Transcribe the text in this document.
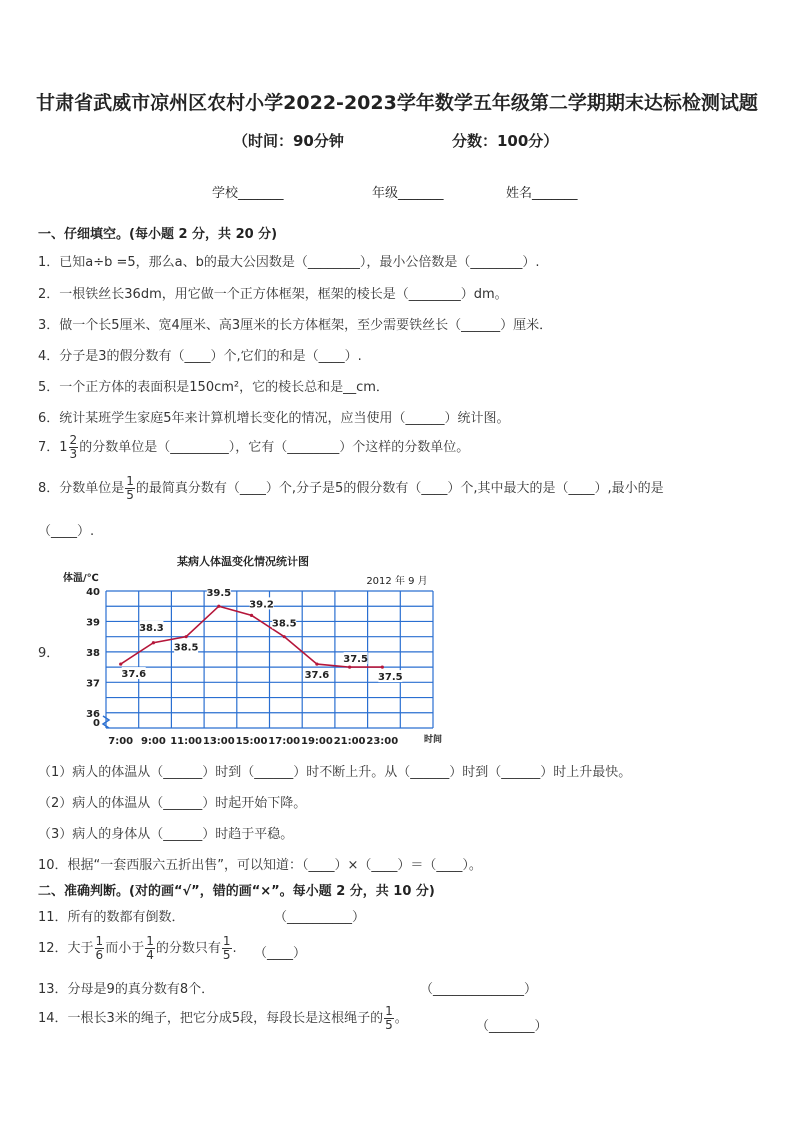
甘肃省武威市凉州区农村小学2022-2023学年数学五年级第二学期期末达标检测试题
（时间：90分钟	分数：100分）
学校_______	年级_______	姓名_______
一、仔细填空。(每小题 2 分，共 20 分)
1．已知a÷b =5，那么a、b的最大公因数是（________），最小公倍数是（________）.
2．一根铁丝长36dm，用它做一个正方体框架，框架的棱长是（________）dm。
3．做一个长5厘米、宽4厘米、高3厘米的长方体框架，至少需要铁丝长（______）厘米．
4．分子是3的假分数有（____）个,它们的和是（____）.
5．一个正方体的表面积是150cm²，它的棱长总和是__cm．
6．统计某班学生家庭5年来计算机增长变化的情况，应当使用（______）统计图。
7．$1 \frac{2}{3}$ 的分数单位是（_________），它有（________）个这样的分数单位。
8．分数单位是 $\frac{1}{5}$ 的最简真分数有（____）个,分子是5的假分数有（____）个,其中最大的是（____）,最小的是
（____）.
9．
某病人体温变化情况统计图
2012 年 9 月
体温/℃
时间
0
36
37
38
39
40
7:00 9:00 11:00 13:00 15:00 17:00 19:00 21:00 23:00
37.6
38.3
38.5
39.5
39.2
38.5
37.6
37.5
37.5
（1）病人的体温从（______）时到（______）时不断上升。从（______）时到（______）时上升最快。
（2）病人的体温从（______）时起开始下降。
（3）病人的身体从（______）时趋于平稳。
10．根据“一套西服六五折出售”，可以知道：（____）×（____）＝（____）。
二、准确判断。(对的画“√”，错的画“×”。每小题 2 分，共 10 分)
11．所有的数都有倒数．	（__________）
12．大于 $\frac{1}{6}$ 而小于 $\frac{1}{4}$ 的分数只有 $\frac{1}{5}$ . （____）
13．分母是9的真分数有8个．	（______________）
14．一根长3米的绳子，把它分成5段，每段长是这根绳子的 $\frac{1}{5}$ 。
（_______）
